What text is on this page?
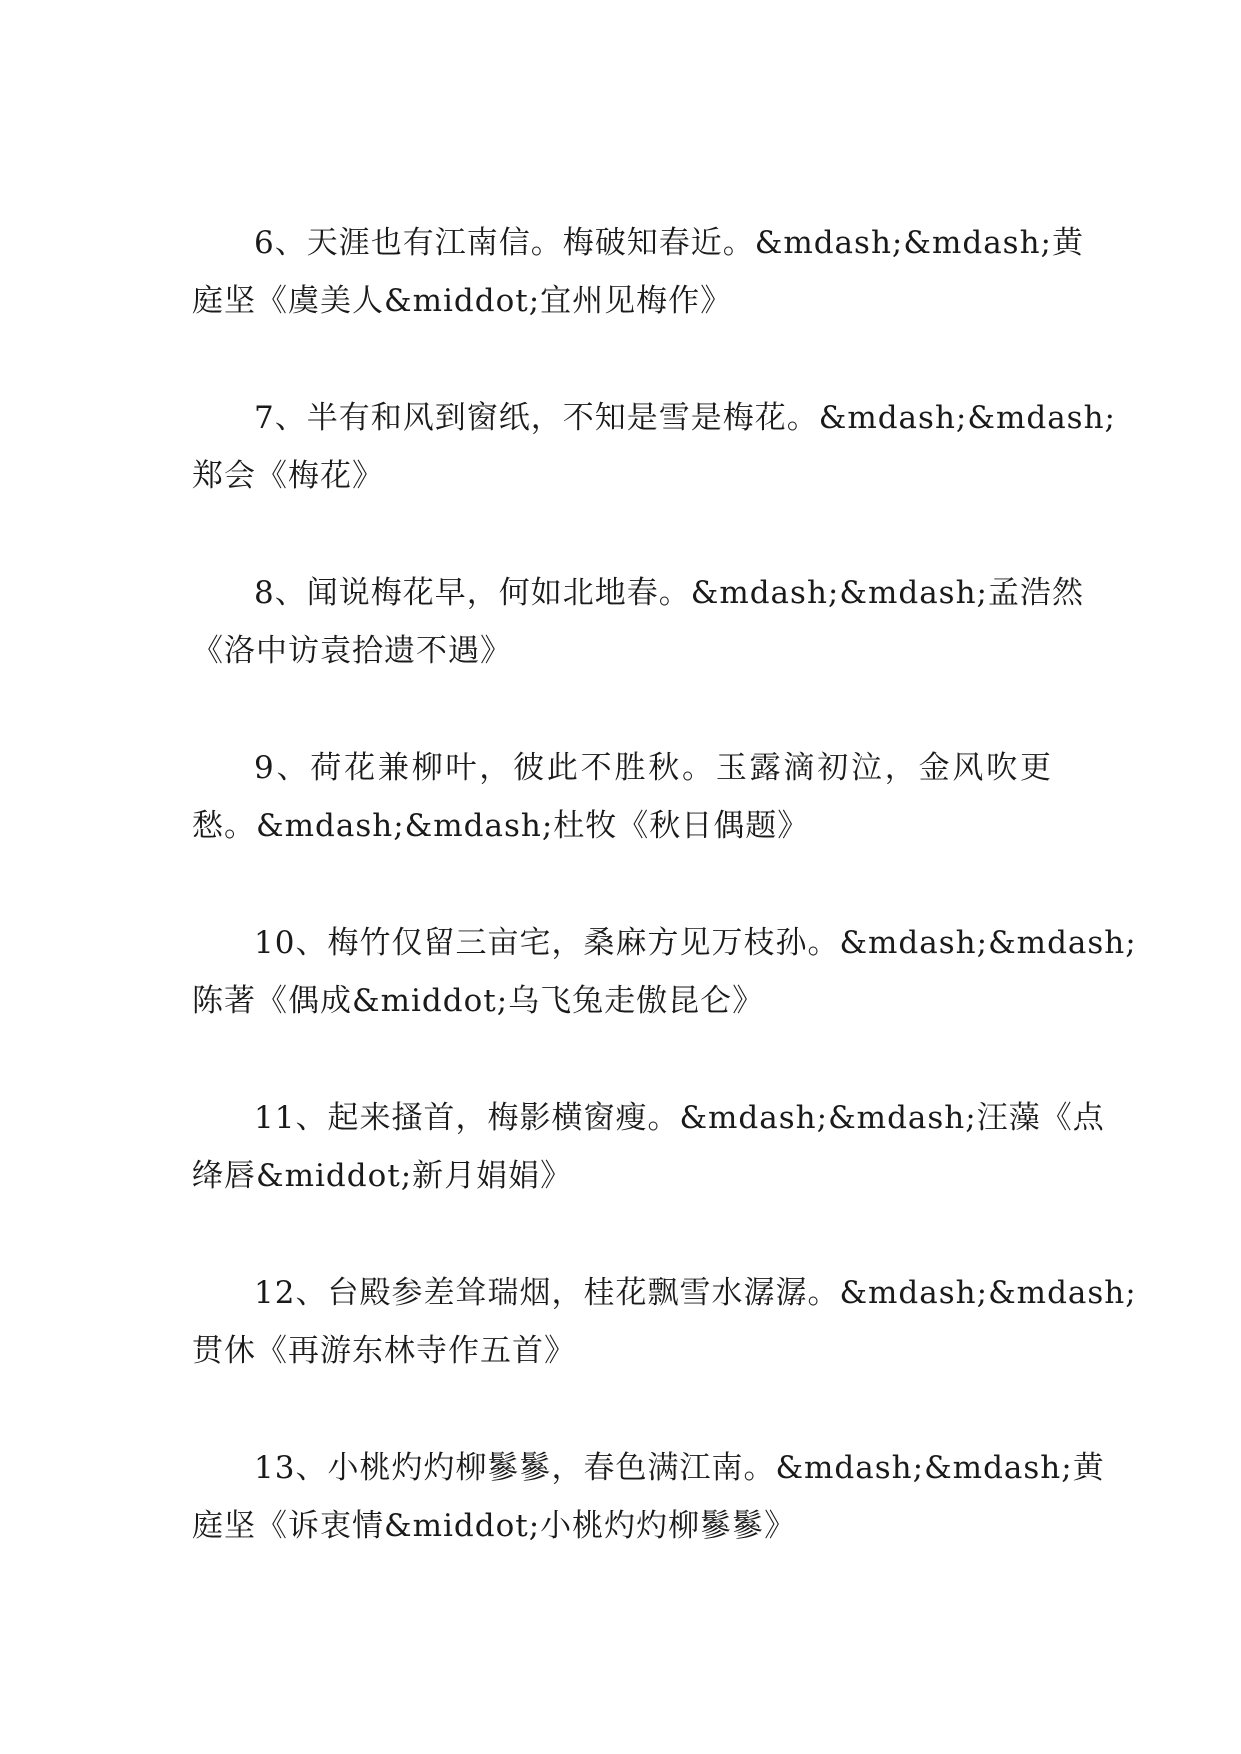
6、天涯也有江南信。梅破知春近。&mdash;&mdash;黄
庭坚《虞美人&middot;宜州见梅作》

7、半有和风到窗纸，不知是雪是梅花。&mdash;&mdash;
郑会《梅花》

8、闻说梅花早，何如北地春。&mdash;&mdash;孟浩然
《洛中访袁拾遗不遇》

9、荷花兼柳叶，彼此不胜秋。玉露滴初泣，金风吹更
愁。&mdash;&mdash;杜牧《秋日偶题》

10、梅竹仅留三亩宅，桑麻方见万枝孙。&mdash;&mdash;
陈著《偶成&middot;乌飞兔走傲昆仑》

11、起来搔首，梅影横窗瘦。&mdash;&mdash;汪藻《点
绛唇&middot;新月娟娟》

12、台殿参差耸瑞烟，桂花飘雪水潺潺。&mdash;&mdash;
贯休《再游东林寺作五首》

13、小桃灼灼柳鬖鬖，春色满江南。&mdash;&mdash;黄
庭坚《诉衷情&middot;小桃灼灼柳鬖鬖》
